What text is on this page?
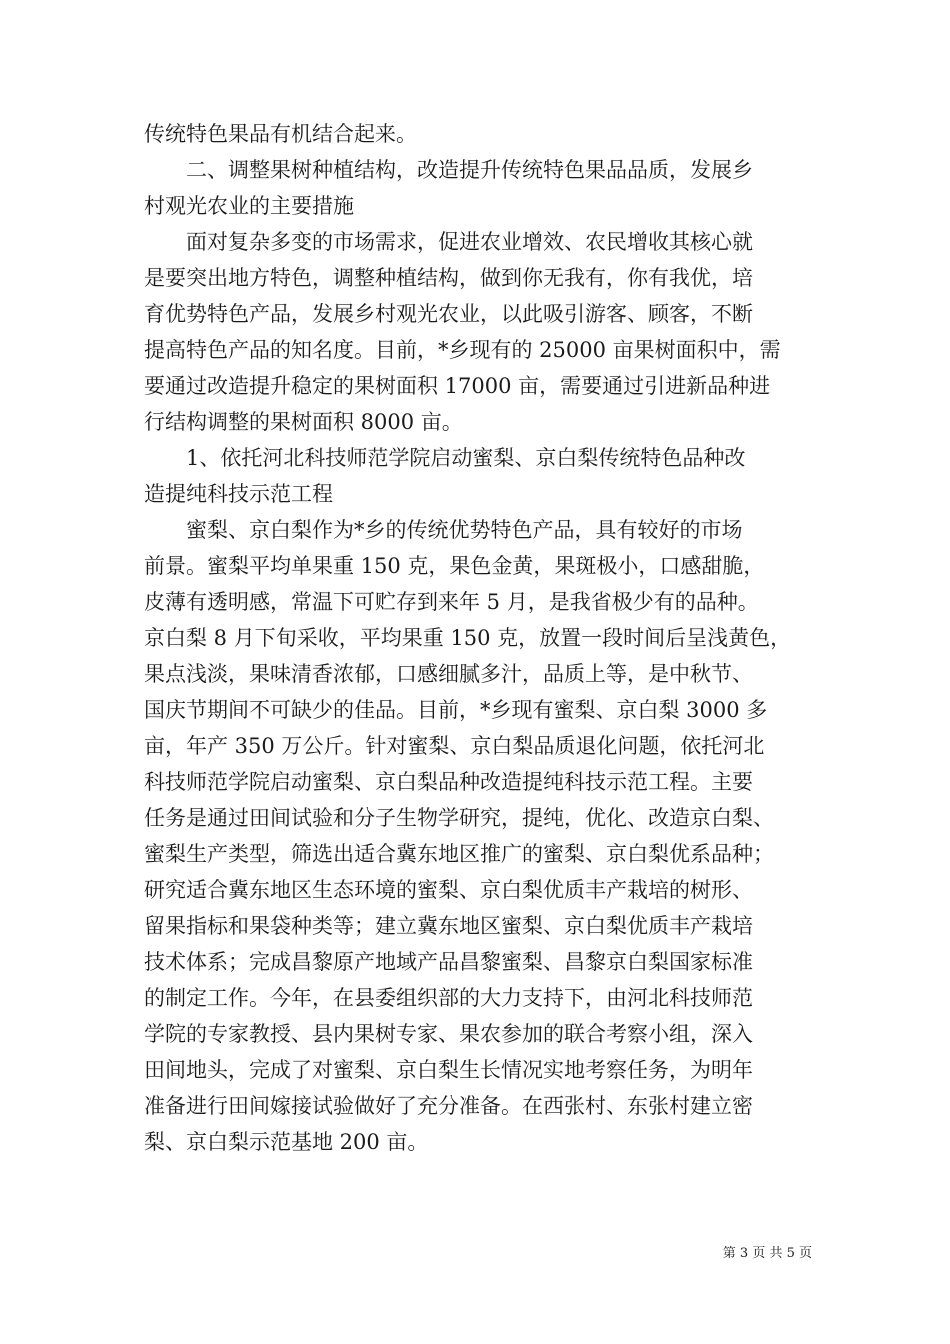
传统特色果品有机结合起来。
　　二、调整果树种植结构，改造提升传统特色果品品质，发展乡
村观光农业的主要措施
　　面对复杂多变的市场需求，促进农业增效、农民增收其核心就
是要突出地方特色，调整种植结构，做到你无我有，你有我优，培
育优势特色产品，发展乡村观光农业，以此吸引游客、顾客，不断
提高特色产品的知名度。目前，*乡现有的 25000 亩果树面积中，需
要通过改造提升稳定的果树面积 17000 亩，需要通过引进新品种进
行结构调整的果树面积 8000 亩。
　　1、依托河北科技师范学院启动蜜梨、京白梨传统特色品种改
造提纯科技示范工程
　　蜜梨、京白梨作为*乡的传统优势特色产品，具有较好的市场
前景。蜜梨平均单果重 150 克，果色金黄，果斑极小，口感甜脆，
皮薄有透明感，常温下可贮存到来年 5 月，是我省极少有的品种。
京白梨 8 月下旬采收，平均果重 150 克，放置一段时间后呈浅黄色，
果点浅淡，果味清香浓郁，口感细腻多汁，品质上等，是中秋节、
国庆节期间不可缺少的佳品。目前，*乡现有蜜梨、京白梨 3000 多
亩，年产 350 万公斤。针对蜜梨、京白梨品质退化问题，依托河北
科技师范学院启动蜜梨、京白梨品种改造提纯科技示范工程。主要
任务是通过田间试验和分子生物学研究，提纯，优化、改造京白梨、
蜜梨生产类型，筛选出适合冀东地区推广的蜜梨、京白梨优系品种；
研究适合冀东地区生态环境的蜜梨、京白梨优质丰产栽培的树形、
留果指标和果袋种类等；建立冀东地区蜜梨、京白梨优质丰产栽培
技术体系；完成昌黎原产地域产品昌黎蜜梨、昌黎京白梨国家标准
的制定工作。今年，在县委组织部的大力支持下，由河北科技师范
学院的专家教授、县内果树专家、果农参加的联合考察小组，深入
田间地头，完成了对蜜梨、京白梨生长情况实地考察任务，为明年
准备进行田间嫁接试验做好了充分准备。在西张村、东张村建立密
梨、京白梨示范基地 200 亩。
第 3 页 共 5 页
